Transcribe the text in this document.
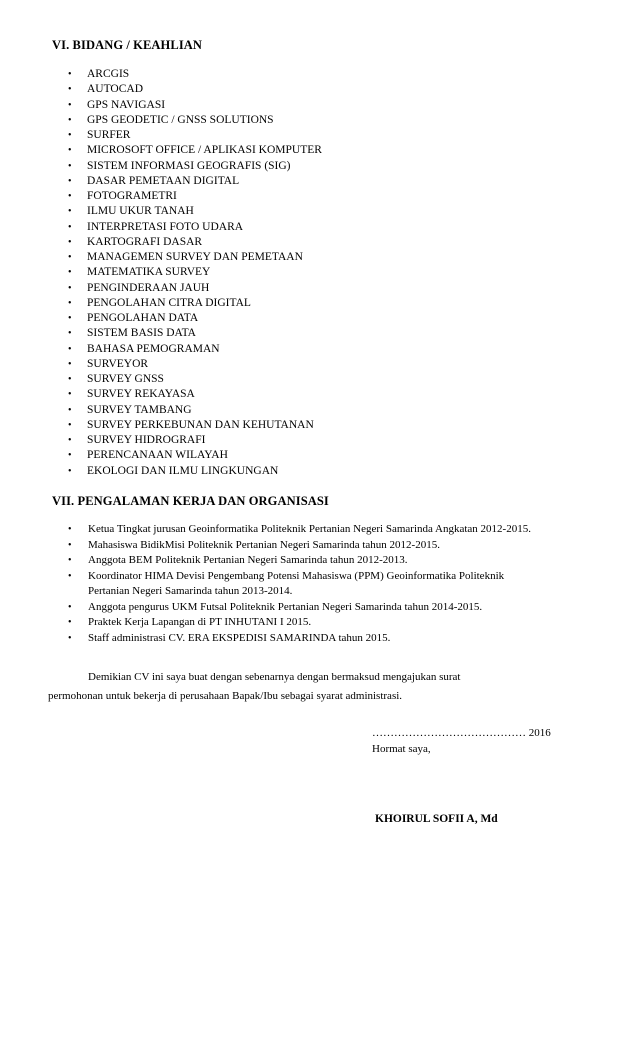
VI. BIDANG / KEAHLIAN
• ARCGIS
• AUTOCAD
• GPS NAVIGASI
• GPS GEODETIC / GNSS SOLUTIONS
• SURFER
• MICROSOFT OFFICE / APLIKASI KOMPUTER
• SISTEM INFORMASI GEOGRAFIS (SIG)
• DASAR PEMETAAN DIGITAL
• FOTOGRAMETRI
• ILMU UKUR TANAH
• INTERPRETASI FOTO UDARA
• KARTOGRAFI DASAR
• MANAGEMEN SURVEY DAN PEMETAAN
• MATEMATIKA SURVEY
• PENGINDERAAN JAUH
• PENGOLAHAN CITRA DIGITAL
• PENGOLAHAN DATA
• SISTEM BASIS DATA
• BAHASA PEMOGRAMAN
• SURVEYOR
• SURVEY GNSS
• SURVEY REKAYASA
• SURVEY TAMBANG
• SURVEY PERKEBUNAN DAN KEHUTANAN
• SURVEY HIDROGRAFI
• PERENCANAAN WILAYAH
• EKOLOGI DAN ILMU LINGKUNGAN
VII. PENGALAMAN KERJA DAN ORGANISASI
• Ketua Tingkat jurusan Geoinformatika Politeknik Pertanian Negeri Samarinda Angkatan 2012-2015.
• Mahasiswa BidikMisi Politeknik Pertanian Negeri Samarinda tahun 2012-2015.
• Anggota BEM Politeknik Pertanian Negeri Samarinda tahun 2012-2013.
• Koordinator HIMA Devisi Pengembang Potensi Mahasiswa (PPM) Geoinformatika Politeknik Pertanian Negeri Samarinda tahun 2013-2014.
• Anggota pengurus UKM Futsal Politeknik Pertanian Negeri Samarinda tahun 2014-2015.
• Praktek Kerja Lapangan di PT INHUTANI I 2015.
• Staff administrasi CV. ERA EKSPEDISI SAMARINDA tahun 2015.
Demikian CV ini saya buat dengan sebenarnya dengan bermaksud mengajukan surat
permohonan untuk bekerja di perusahaan Bapak/Ibu sebagai syarat administrasi.
…………………………………… 2016
Hormat saya,
KHOIRUL SOFII A, Md
